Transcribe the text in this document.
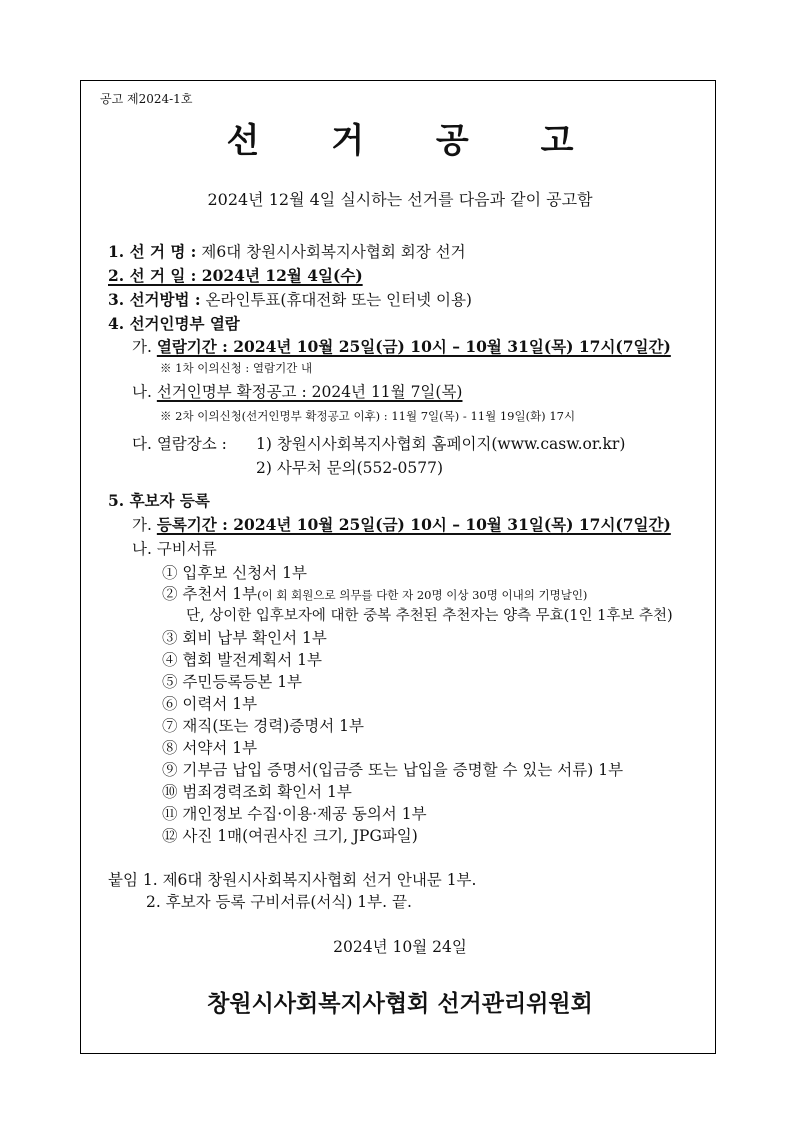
공고 제2024-1호
선 거 공 고
2024년 12월 4일 실시하는 선거를 다음과 같이 공고함
1. 선 거 명 : 제6대 창원시사회복지사협회 회장 선거
2. 선 거 일 : 2024년 12월 4일(수)
3. 선거방법 : 온라인투표(휴대전화 또는 인터넷 이용)
4. 선거인명부 열람
가. 열람기간 : 2024년 10월 25일(금) 10시 – 10월 31일(목) 17시(7일간)
※ 1차 이의신청 : 열람기간 내
나. 선거인명부 확정공고 : 2024년 11월 7일(목)
※ 2차 이의신청(선거인명부 확정공고 이후) : 11월 7일(목) - 11월 19일(화) 17시
다. 열람장소 : 1) 창원시사회복지사협회 홈페이지(www.casw.or.kr)
2) 사무처 문의(552-0577)
5. 후보자 등록
가. 등록기간 : 2024년 10월 25일(금) 10시 – 10월 31일(목) 17시(7일간)
나. 구비서류
① 입후보 신청서 1부
② 추천서 1부(이 회 회원으로 의무를 다한 자 20명 이상 30명 이내의 기명날인)
단, 상이한 입후보자에 대한 중복 추천된 추천자는 양측 무효(1인 1후보 추천)
③ 회비 납부 확인서 1부
④ 협회 발전계획서 1부
⑤ 주민등록등본 1부
⑥ 이력서 1부
⑦ 재직(또는 경력)증명서 1부
⑧ 서약서 1부
⑨ 기부금 납입 증명서(입금증 또는 납입을 증명할 수 있는 서류) 1부
⑩ 범죄경력조회 확인서 1부
⑪ 개인정보 수집·이용·제공 동의서 1부
⑫ 사진 1매(여권사진 크기, JPG파일)
붙임 1. 제6대 창원시사회복지사협회 선거 안내문 1부.
2. 후보자 등록 구비서류(서식) 1부. 끝.
2024년 10월 24일
창원시사회복지사협회 선거관리위원회
